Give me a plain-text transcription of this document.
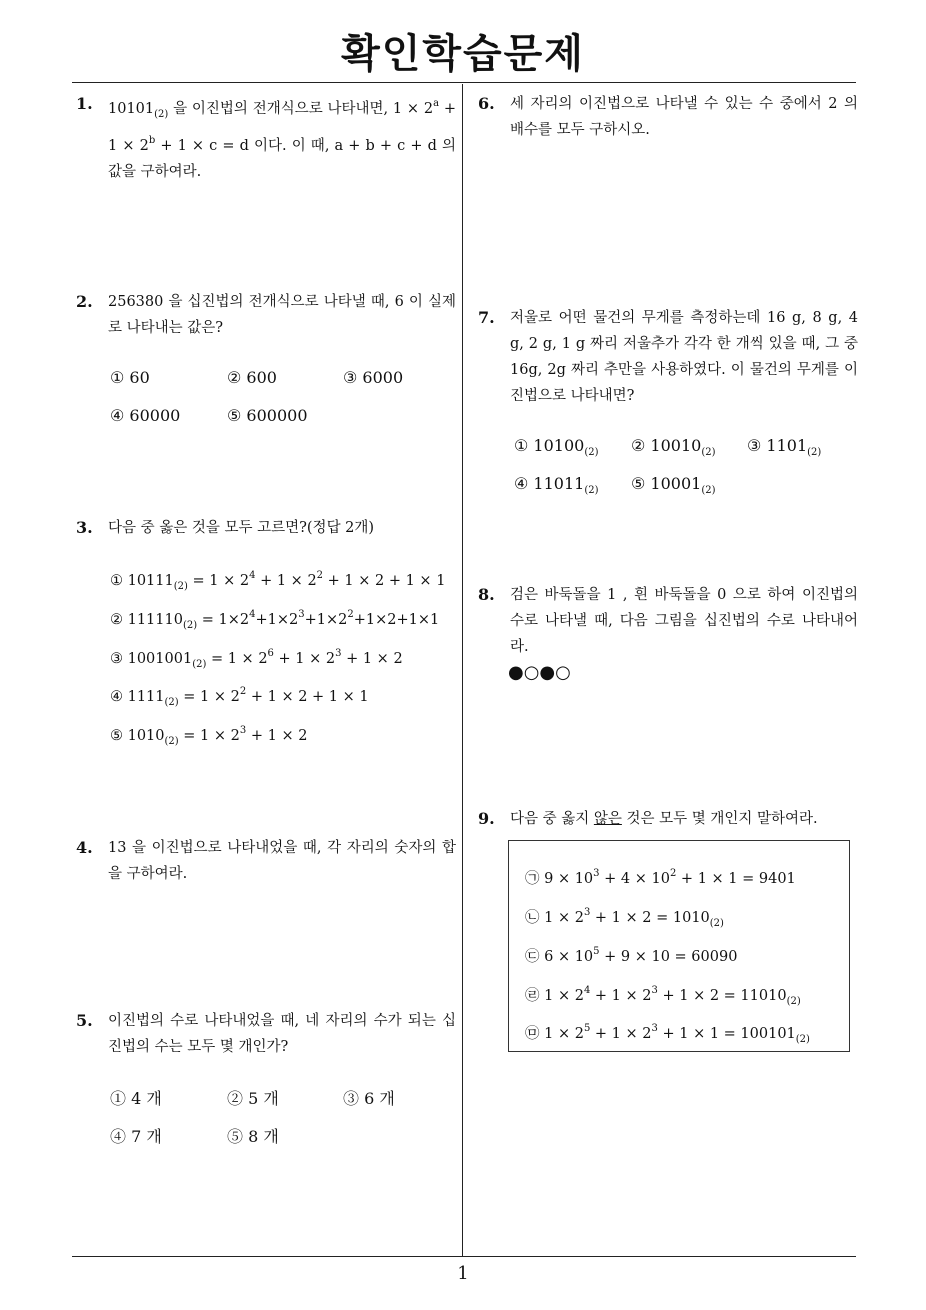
확인학습문제
1
1. $10101_{(2)}$ 을 이진법의 전개식으로 나타내면, $1 \times 2^a + 1 \times 2^b + 1 \times c = d$ 이다. 이 때, a + b + c + d 의 값을 구하여라.
2. 256380 을 십진법의 전개식으로 나타낼 때, 6 이 실제로 나타내는 값은?
① 60	② 600	③ 6000
④ 60000	⑤ 600000
3. 다음 중 옳은 것을 모두 고르면?(정답 2개)
① $10111_{(2)} = 1 \times 2^4 + 1 \times 2^2 + 1 \times 2 + 1 \times 1$
② $111110_{(2)} = 1\times 2^4+1\times 2^3+1\times 2^2+1\times 2+1\times 1$
③ $1001001_{(2)} = 1 \times 2^6 + 1 \times 2^3 + 1 \times 2$
④ $1111_{(2)} = 1 \times 2^2 + 1 \times 2 + 1 \times 1$
⑤ $1010_{(2)} = 1 \times 2^3 + 1 \times 2$
4. 13 을 이진법으로 나타내었을 때, 각 자리의 숫자의 합을 구하여라.
5. 이진법의 수로 나타내었을 때, 네 자리의 수가 되는 십진법의 수는 모두 몇 개인가?
① 4 개	② 5 개	③ 6 개
④ 7 개	⑤ 8 개
6. 세 자리의 이진법으로 나타낼 수 있는 수 중에서 2 의 배수를 모두 구하시오.
7. 저울로 어떤 물건의 무게를 측정하는데 16 g, 8 g, 4 g, 2 g, 1 g 짜리 저울추가 각각 한 개씩 있을 때, 그 중 16g, 2g 짜리 추만을 사용하였다. 이 물건의 무게를 이진법으로 나타내면?
① $10100_{(2)}$ ② $10010_{(2)}$ ③ $1101_{(2)}$
④ $11011_{(2)}$ ⑤ $10001_{(2)}$
8. 검은 바둑돌을 1 , 흰 바둑돌을 0 으로 하여 이진법의 수로 나타낼 때, 다음 그림을 십진법의 수로 나타내어라.
●○●○
9. 다음 중 옳지 않은 것은 모두 몇 개인지 말하여라.
㉠ $9 \times 10^3 + 4 \times 10^2 + 1 \times 1 = 9401$
㉡ $1 \times 2^3 + 1 \times 2 = 1010_{(2)}$
㉢ $6 \times 10^5 + 9 \times 10 = 60090$
㉣ $1 \times 2^4 + 1 \times 2^3 + 1 \times 2 = 11010_{(2)}$
㉤ $1 \times 2^5 + 1 \times 2^3 + 1 \times 1 = 100101_{(2)}$
